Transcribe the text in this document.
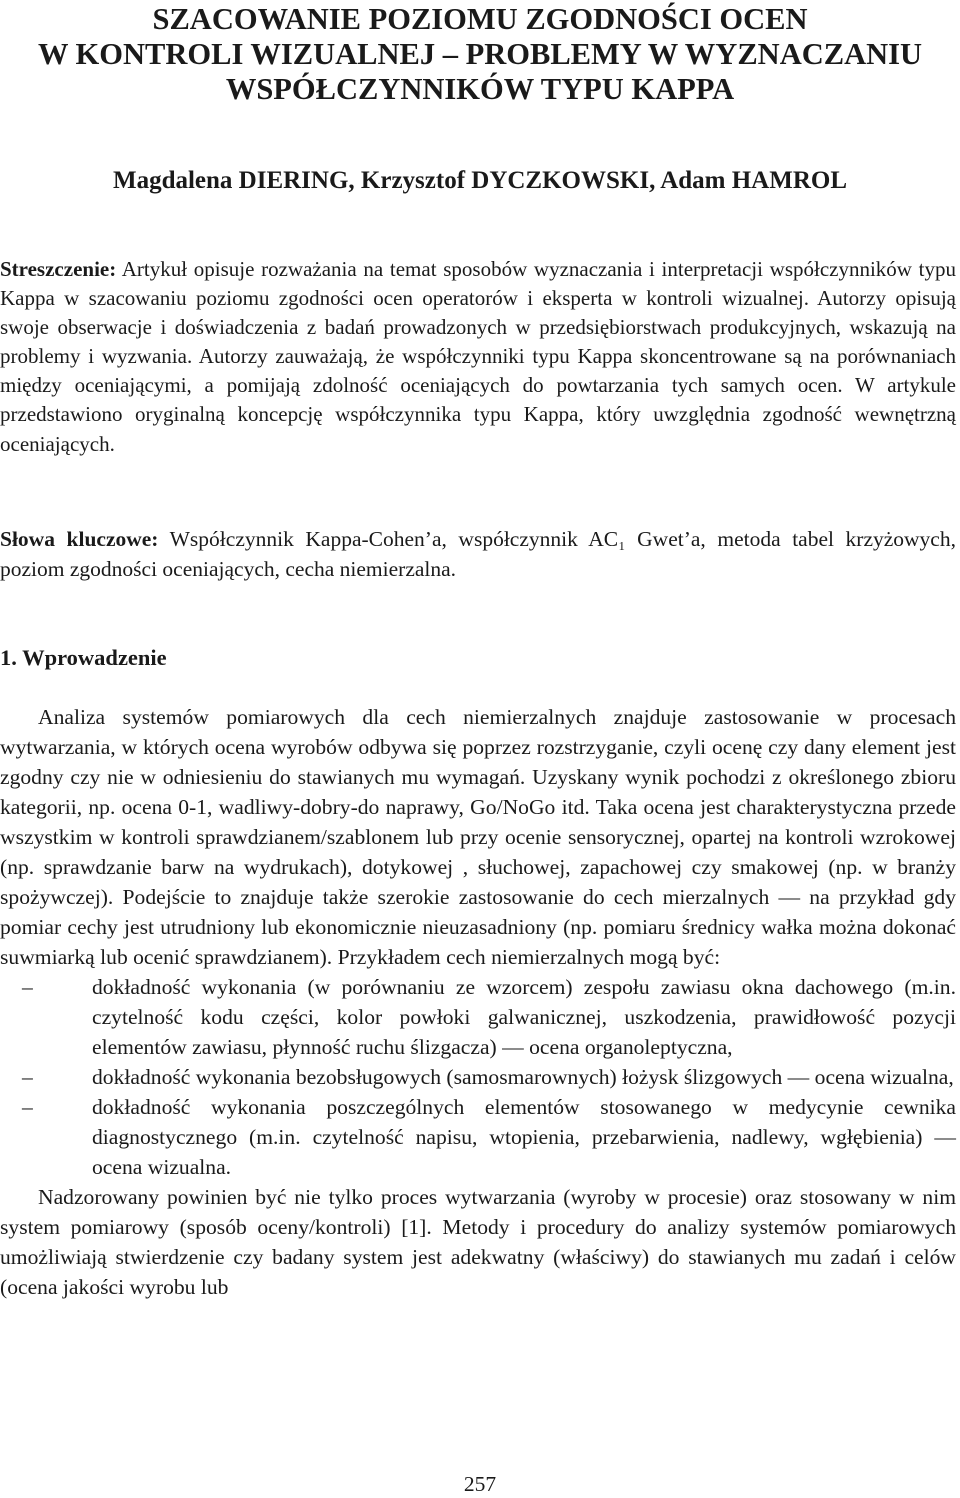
SZACOWANIE POZIOMU ZGODNOŚCI OCEN
W KONTROLI WIZUALNEJ – PROBLEMY W WYZNACZANIU
WSPÓŁCZYNNIKÓW TYPU KAPPA
Magdalena DIERING, Krzysztof DYCZKOWSKI, Adam HAMROL
Streszczenie: Artykuł opisuje rozważania na temat sposobów wyznaczania i interpretacji współczynników typu Kappa w szacowaniu poziomu zgodności ocen operatorów i eksperta w kontroli wizualnej. Autorzy opisują swoje obserwacje i doświadczenia z badań prowadzonych w przedsiębiorstwach produkcyjnych, wskazują na problemy i wyzwania. Autorzy zauważają, że współczynniki typu Kappa skoncentrowane są na porównaniach między oceniającymi, a pomijają zdolność oceniających do powtarzania tych samych ocen. W artykule przedstawiono oryginalną koncepcję współczynnika typu Kappa, który uwzględnia zgodność wewnętrzną oceniających.
Słowa kluczowe: Współczynnik Kappa-Cohen’a, współczynnik AC₁ Gwet’a, metoda tabel krzyżowych, poziom zgodności oceniających, cecha niemierzalna.
1. Wprowadzenie

Analiza systemów pomiarowych dla cech niemierzalnych znajduje zastosowanie w procesach wytwarzania, w których ocena wyrobów odbywa się poprzez rozstrzyganie, czyli ocenę czy dany element jest zgodny czy nie w odniesieniu do stawianych mu wymagań. Uzyskany wynik pochodzi z określonego zbioru kategorii, np. ocena 0-1, wadliwy-dobry-do naprawy, Go/NoGo itd. Taka ocena jest charakterystyczna przede wszystkim w kontroli sprawdzianem/szablonem lub przy ocenie sensorycznej, opartej na kontroli wzrokowej (np. sprawdzanie barw na wydrukach), dotykowej , słuchowej, zapachowej czy smakowej (np. w branży spożywczej). Podejście to znajduje także szerokie zastosowanie do cech mierzalnych — na przykład gdy pomiar cechy jest utrudniony lub ekonomicznie nieuzasadniony (np. pomiaru średnicy wałka można dokonać suwmiarką lub ocenić sprawdzianem). Przykładem cech niemierzalnych mogą być:

–	dokładność wykonania (w porównaniu ze wzorcem) zespołu zawiasu okna dachowego (m.in. czytelność kodu części, kolor powłoki galwanicznej, uszkodzenia, prawidłowość pozycji elementów zawiasu, płynność ruchu ślizgacza) — ocena organoleptyczna,
–	dokładność wykonania bezobsługowych (samosmarownych) łożysk ślizgowych — ocena wizualna,
–	dokładność wykonania poszczególnych elementów stosowanego w medycynie cewnika diagnostycznego (m.in. czytelność napisu, wtopienia, przebarwienia, nadlewy, wgłębienia) — ocena wizualna.

Nadzorowany powinien być nie tylko proces wytwarzania (wyroby w procesie) oraz stosowany w nim system pomiarowy (sposób oceny/kontroli) [1]. Metody i procedury do analizy systemów pomiarowych umożliwiają stwierdzenie czy badany system jest adekwatny (właściwy) do stawianych mu zadań i celów (ocena jakości wyrobu lub

257
